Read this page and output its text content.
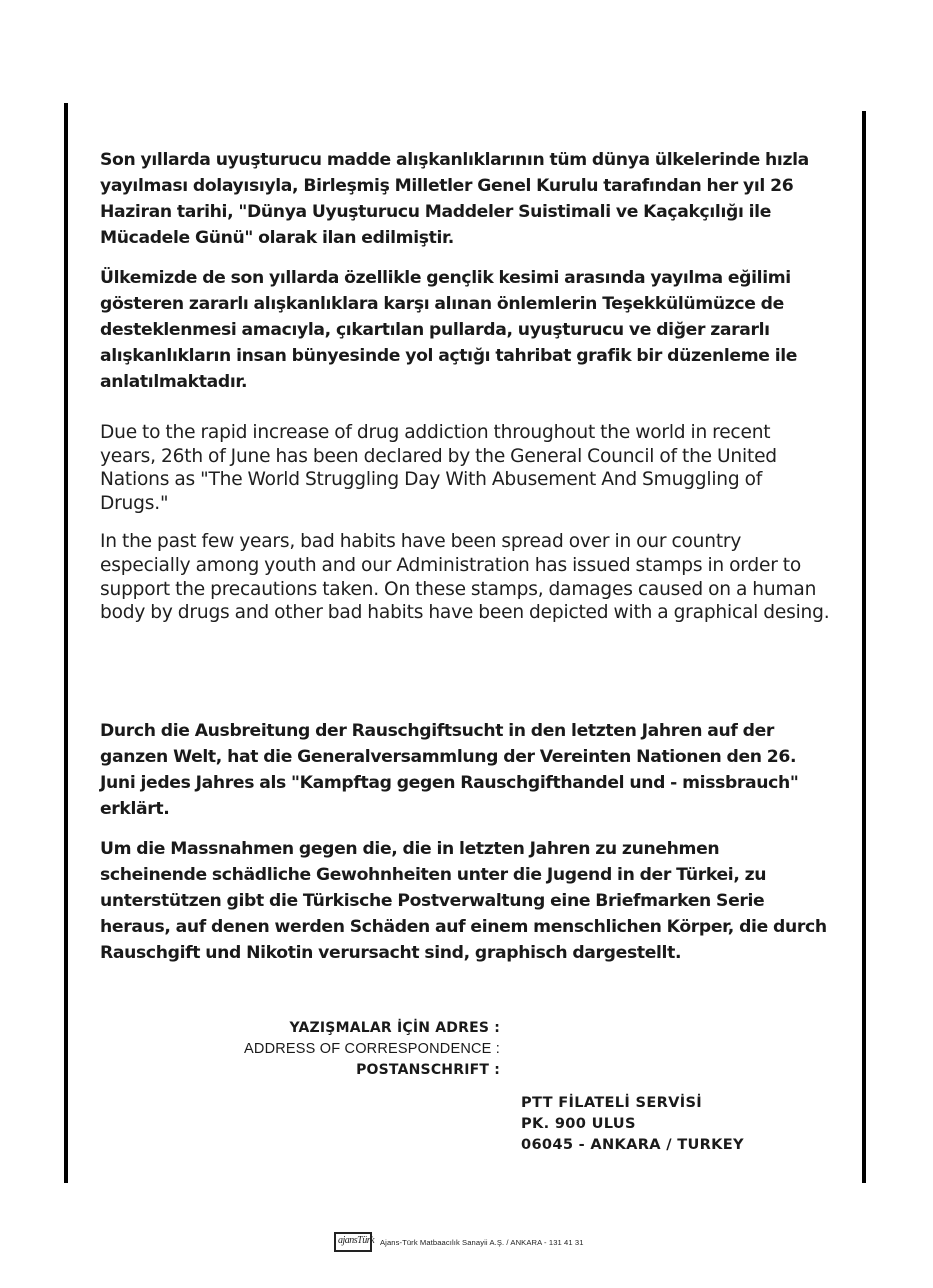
Son yıllarda uyuşturucu madde alışkanlıklarının tüm dünya ülkelerinde hızla yayılması dolayısıyla, Birleşmiş Milletler Genel Kurulu tarafından her yıl 26 Haziran tarihi, "Dünya Uyuşturucu Maddeler Suistimali ve Kaçakçılığı ile Mücadele Günü" olarak ilan edilmiştir.

Ülkemizde de son yıllarda özellikle gençlik kesimi arasında yayılma eğilimi gösteren zararlı alışkanlıklara karşı alınan önlemlerin Teşekkülümüzce de desteklenmesi amacıyla, çıkartılan pullarda, uyuşturucu ve diğer zararlı alışkanlıkların insan bünyesinde yol açtığı tahribat grafik bir düzenleme ile anlatılmaktadır.

Due to the rapid increase of drug addiction throughout the world in recent years, 26th of June has been declared by the General Council of the United Nations as "The World Struggling Day With Abusement And Smuggling of Drugs."

In the past few years, bad habits have been spread over in our country especially among youth and our Administration has issued stamps in order to support the precautions taken. On these stamps, damages caused on a human body by drugs and other bad habits have been depicted with a graphical desing.

Durch die Ausbreitung der Rauschgiftsucht in den letzten Jahren auf der ganzen Welt, hat die Generalversammlung der Vereinten Nationen den 26. Juni jedes Jahres als "Kampftag gegen Rauschgifthandel und - missbrauch" erklärt.

Um die Massnahmen gegen die, die in letzten Jahren zu zunehmen scheinende schädliche Gewohnheiten unter die Jugend in der Türkei, zu unterstützen gibt die Türkische Postverwaltung eine Briefmarken Serie heraus, auf denen werden Schäden auf einem menschlichen Körper, die durch Rauschgift und Nikotin verursacht sind, graphisch dargestellt.

YAZIŞMALAR İÇİN ADRES :
ADDRESS OF CORRESPONDENCE :
POSTANSCHRIFT :
PTT FİLATELİ SERVİSİ
PK. 900 ULUS
06045 - ANKARA / TURKEY
ajansTürk Ajans-Türk Matbaacılık Sanayii A.Ş. / ANKARA - 131 41 31
